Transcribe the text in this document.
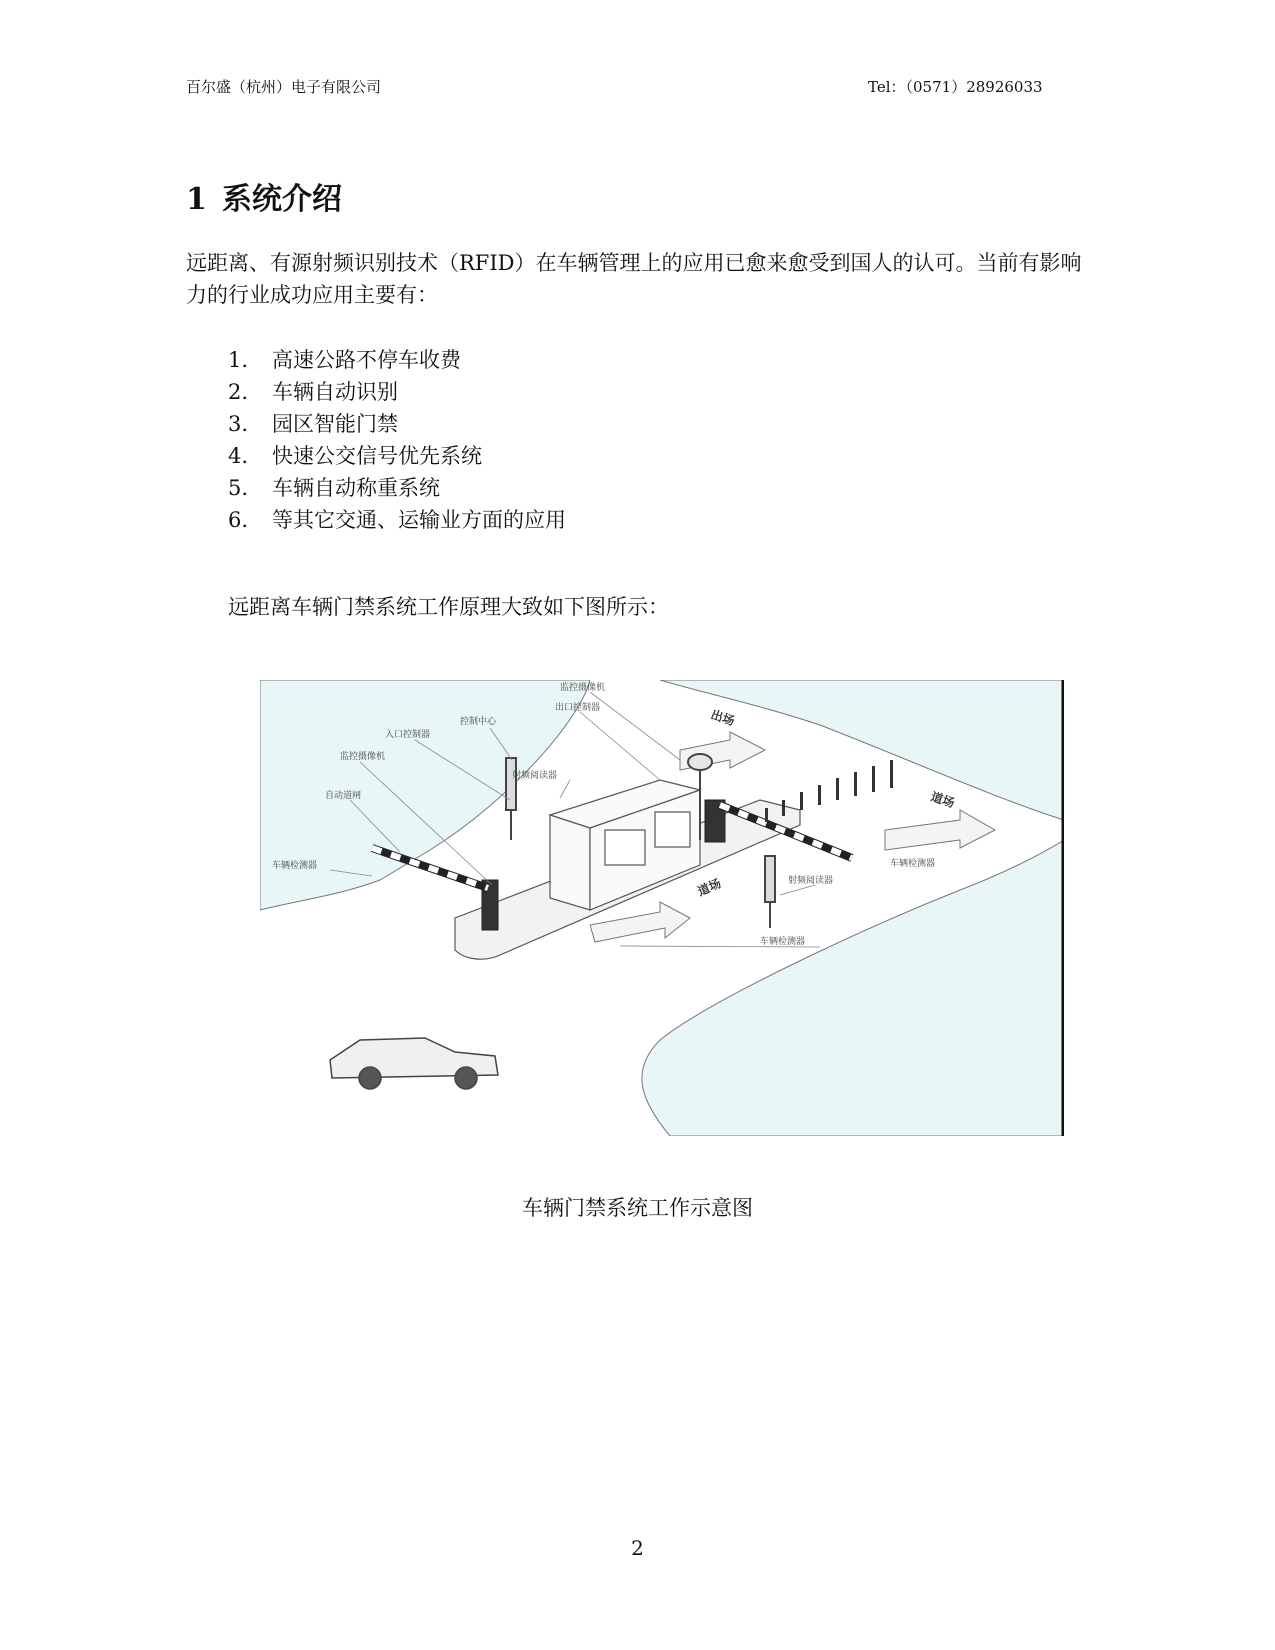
百尔盛（杭州）电子有限公司	Tel：（0571）28926033
1 系统介绍
远距离、有源射频识别技术（RFID）在车辆管理上的应用已愈来愈受到国人的认可。当前有影响力的行业成功应用主要有：
1. 高速公路不停车收费
2. 车辆自动识别
3. 园区智能门禁
4. 快速公交信号优先系统
5. 车辆自动称重系统
6. 等其它交通、运输业方面的应用
远距离车辆门禁系统工作原理大致如下图所示：
监控摄像机
出口控制器
控制中心
入口控制器
监控摄像机
射频阅读器
自动道闸
车辆检测器
射频阅读器
车辆检测器
车辆检测器
出场
道场
道场
车辆门禁系统工作示意图
2
